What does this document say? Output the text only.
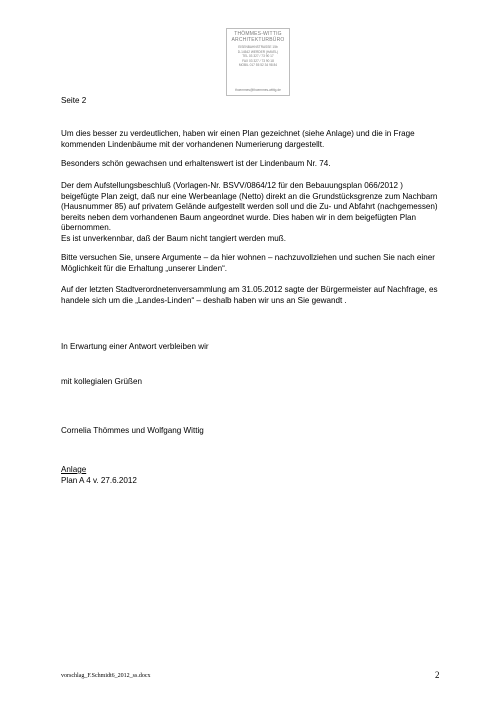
THÖMMES-WITTIG
ARCHITEKTURBÜRO
EISENBAHNSTRASSE 15b
D-14542 WERDER (HAVEL)
TEL 03 327 / 73 90 17
FAX 03 327 / 73 90 18
MOBIL 017 55 52 34 98 84
thoemmes@thoemmes-wittig.de
Seite 2

Um dies besser zu verdeutlichen, haben wir einen Plan gezeichnet (siehe Anlage) und die in Frage kommenden Lindenbäume mit der vorhandenen Numerierung dargestellt.

Besonders schön gewachsen und erhaltenswert ist der Lindenbaum Nr. 74.

Der dem Aufstellungsbeschluß (Vorlagen-Nr. BSVV/0864/12 für den Bebauungsplan 066/2012 ) beigefügte Plan zeigt, daß nur eine Werbeanlage (Netto) direkt an die Grundstücksgrenze zum Nachbarn (Hausnummer 85) auf privatem Gelände aufgestellt werden soll und die Zu- und Abfahrt (nachgemessen) bereits neben dem vorhandenen Baum angeordnet wurde. Dies haben wir in dem beigefügten Plan übernommen.

Es ist unverkennbar, daß der Baum nicht tangiert werden muß.

Bitte versuchen Sie, unsere Argumente – da hier wohnen – nachzuvollziehen und suchen Sie nach einer Möglichkeit für die Erhaltung „unserer Linden“.

Auf der letzten Stadtverordnetenversammlung am 31.05.2012 sagte der Bürgermeister auf Nachfrage, es handele sich um die „Landes-Linden“ – deshalb haben wir uns an Sie gewandt .

In Erwartung einer Antwort verbleiben wir
mit kollegialen Grüßen
Cornelia Thömmes und Wolfgang Wittig
Anlage
Plan A 4 v. 27.6.2012
vorschlag_F.Schmidt6_2012_ss.docx	2
